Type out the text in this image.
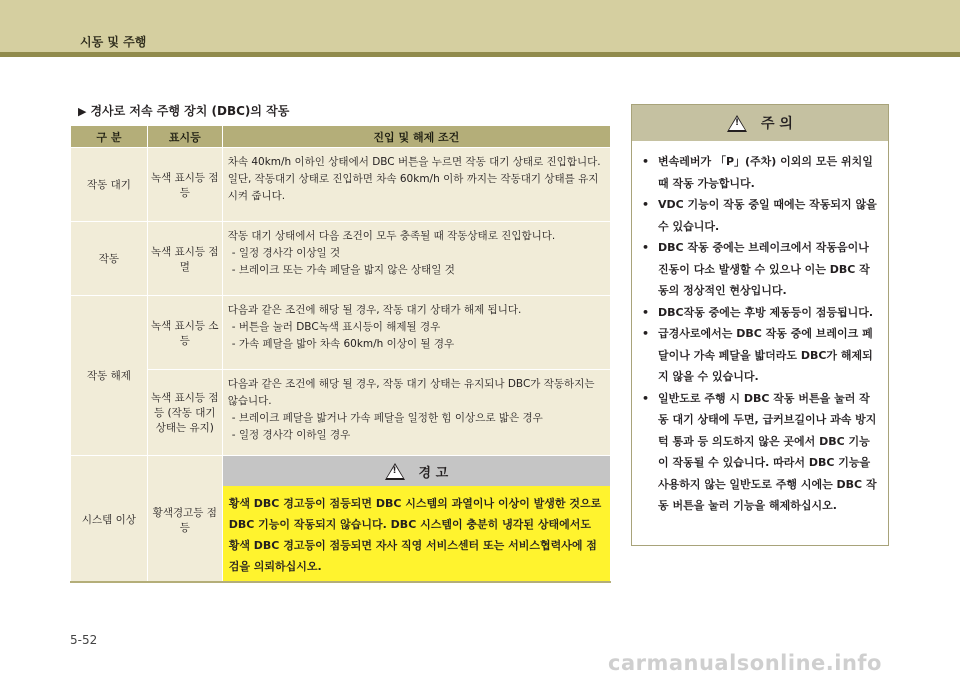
시동 및 주행
▶ 경사로 저속 주행 장치 (DBC)의 작동
구 분	표시등	진입 및 해제 조건
작동 대기	녹색 표시등 점등	차속 40km/h 이하인 상태에서 DBC 버튼을 누르면 작동 대기 상태로 진입합니다. 일단, 작동대기 상태로 진입하면 차속 60km/h 이하 까지는 작동대기 상태를 유지시켜 줍니다.

작동	녹색 표시등 점멸	작동 대기 상태에서 다음 조건이 모두 충족될 때 작동상태로 진입합니다.
- 일정 경사각 이상일 것
- 브레이크 또는 가속 페달을 밟지 않은 상태일 것

작동 해제	녹색 표시등 소등	다음과 같은 조건에 해당 될 경우, 작동 대기 상태가 해제 됩니다.
- 버튼을 눌러 DBC녹색 표시등이 해제될 경우
- 가속 페달을 밟아 차속 60km/h 이상이 될 경우

	녹색 표시등 점등 (작동 대기 상태는 유지)	다음과 같은 조건에 해당 될 경우, 작동 대기 상태는 유지되나 DBC가 작동하지는 않습니다.
- 브레이크 페달을 밟거나 가속 페달을 일정한 힘 이상으로 밟은 경우
- 일정 경사각 이하일 경우

시스템 이상	황색경고등 점등	! 경 고
황색 DBC 경고등이 점등되면 DBC 시스템의 과열이나 이상이 발생한 것으로 DBC 기능이 작동되지 않습니다. DBC 시스템이 충분히 냉각된 상태에서도 황색 DBC 경고등이 점등되면 자사 직영 서비스센터 또는 서비스협력사에 점검을 의뢰하십시오.
! 주 의
• 변속레버가 「P」(주차) 이외의 모든 위치일 때 작동 가능합니다.
• VDC 기능이 작동 중일 때에는 작동되지 않을 수 있습니다.
• DBC 작동 중에는 브레이크에서 작동음이나 진동이 다소 발생할 수 있으나 이는 DBC 작동의 정상적인 현상입니다.
• DBC작동 중에는 후방 제동등이 점등됩니다.
• 급경사로에서는 DBC 작동 중에 브레이크 페달이나 가속 페달을 밟더라도 DBC가 해제되지 않을 수 있습니다.
• 일반도로 주행 시 DBC 작동 버튼을 눌러 작동 대기 상태에 두면, 급커브길이나 과속 방지턱 통과 등 의도하지 않은 곳에서 DBC 기능이 작동될 수 있습니다. 따라서 DBC 기능을 사용하지 않는 일반도로 주행 시에는 DBC 작동 버튼을 눌러 기능을 해제하십시오.
5-52
carmanualsonline.info
